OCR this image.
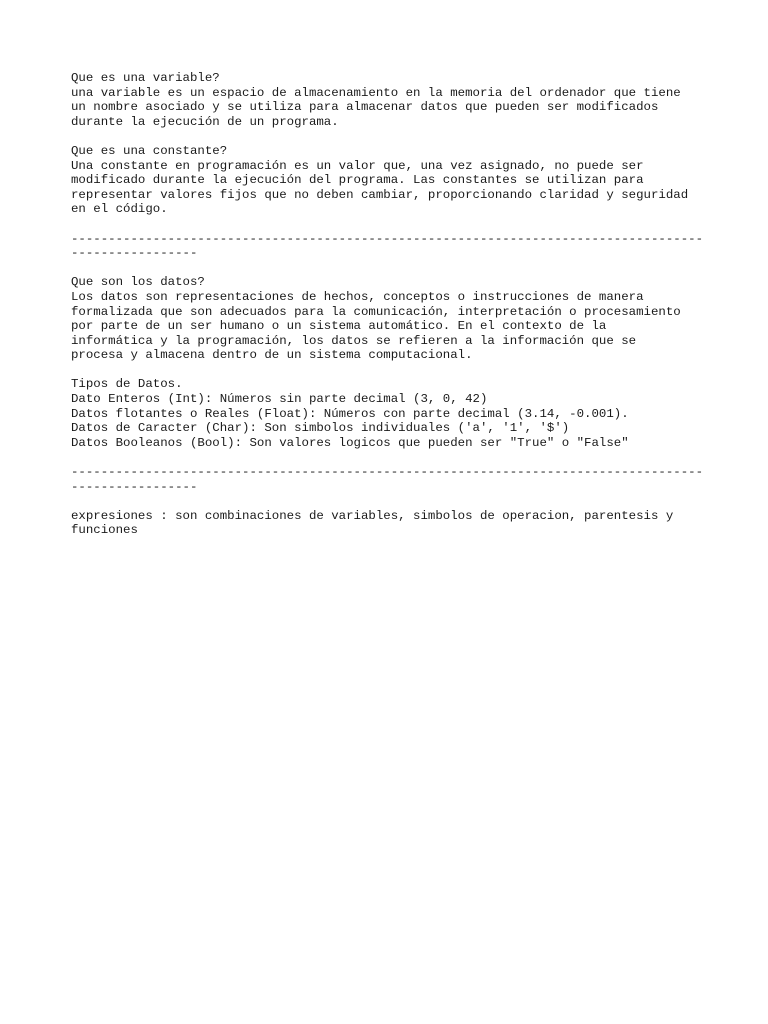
Que es una variable?
una variable es un espacio de almacenamiento en la memoria del ordenador que tiene
un nombre asociado y se utiliza para almacenar datos que pueden ser modificados
durante la ejecución de un programa.
Que es una constante?
Una constante en programación es un valor que, una vez asignado, no puede ser
modificado durante la ejecución del programa. Las constantes se utilizan para
representar valores fijos que no deben cambiar, proporcionando claridad y seguridad
en el código.
-------------------------------------------------------------------------------------
-----------------
Que son los datos?
Los datos son representaciones de hechos, conceptos o instrucciones de manera
formalizada que son adecuados para la comunicación, interpretación o procesamiento
por parte de un ser humano o un sistema automático. En el contexto de la
informática y la programación, los datos se refieren a la información que se
procesa y almacena dentro de un sistema computacional.
Tipos de Datos.
Dato Enteros (Int): Números sin parte decimal (3, 0, 42)
Datos flotantes o Reales (Float): Números con parte decimal (3.14, -0.001).
Datos de Caracter (Char): Son simbolos individuales ('a', '1', '$')
Datos Booleanos (Bool): Son valores logicos que pueden ser "True" o "False"
-------------------------------------------------------------------------------------
-----------------
expresiones : son combinaciones de variables, simbolos de operacion, parentesis y
funciones
